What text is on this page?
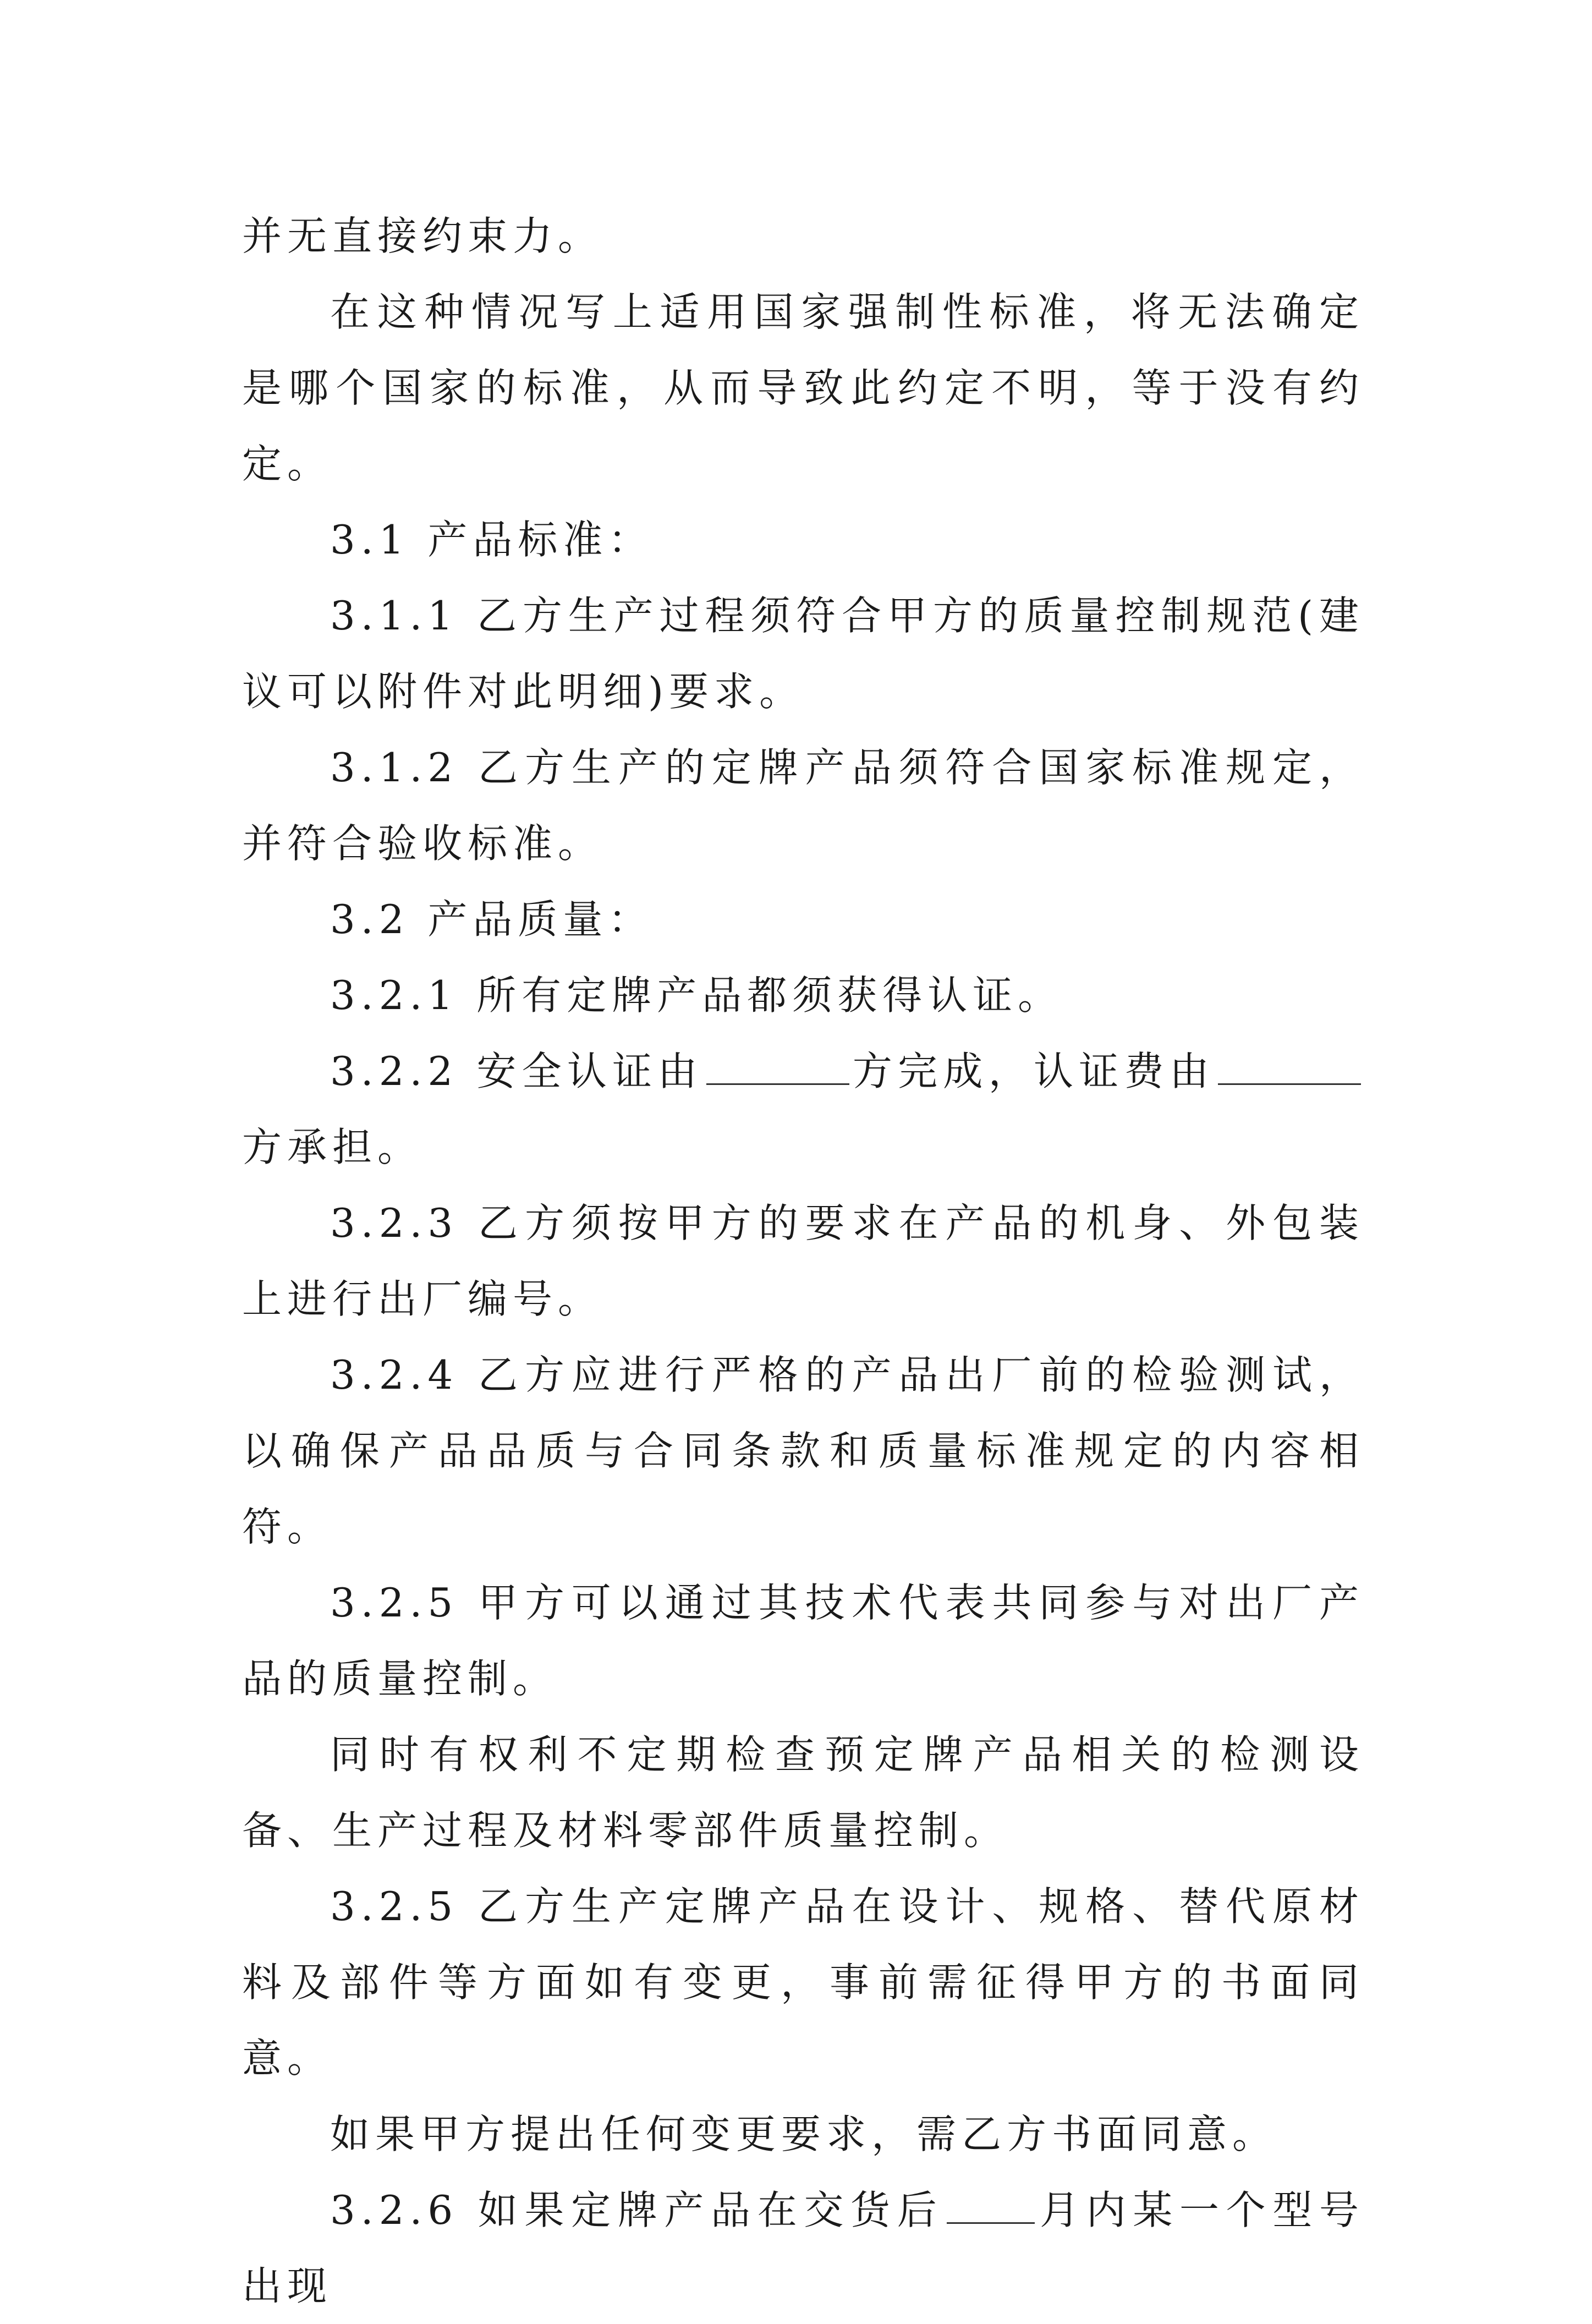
并无直接约束力。

在这种情况写上适用国家强制性标准，将无法确定是哪个国家的标准，从而导致此约定不明，等于没有约定。

3.1 产品标准：

3.1.1 乙方生产过程须符合甲方的质量控制规范(建议可以附件对此明细)要求。

3.1.2 乙方生产的定牌产品须符合国家标准规定，并符合验收标准。

3.2 产品质量：

3.2.1 所有定牌产品都须获得认证。

3.2.2 安全认证由	方完成，认证费由方承担。

3.2.3 乙方须按甲方的要求在产品的机身、外包装上进行出厂编号。

3.2.4 乙方应进行严格的产品出厂前的检验测试，以确保产品品质与合同条款和质量标准规定的内容相符。

3.2.5 甲方可以通过其技术代表共同参与对出厂产品的质量控制。

同时有权利不定期检查预定牌产品相关的检测设备、生产过程及材料零部件质量控制。

3.2.5 乙方生产定牌产品在设计、规格、替代原材料及部件等方面如有变更，事前需征得甲方的书面同意。

如果甲方提出任何变更要求，需乙方书面同意。

3.2.6 如果定牌产品在交货后 月内某一个型号出现
